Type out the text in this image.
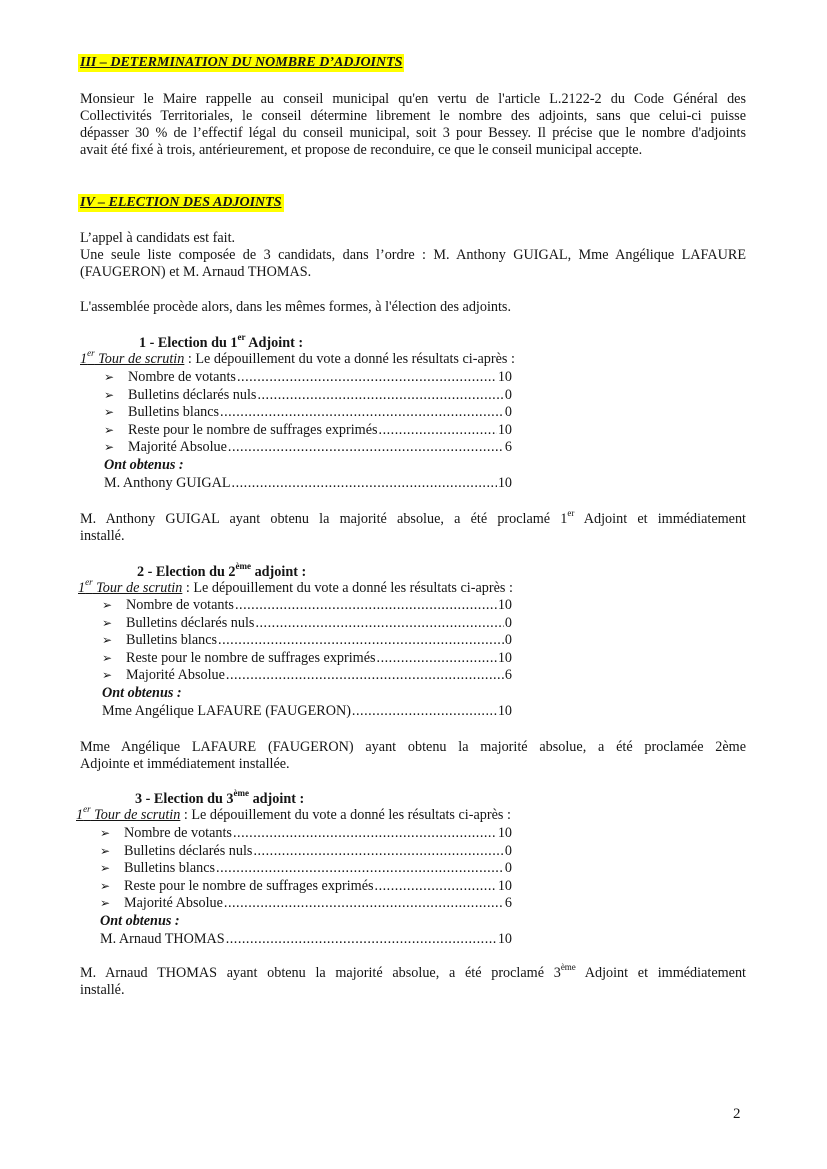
III – DETERMINATION DU NOMBRE D’ADJOINTS
Monsieur le Maire rappelle au conseil municipal qu'en vertu de l'article L.2122-2 du Code Général des
Collectivités Territoriales, le conseil détermine librement le nombre des adjoints, sans que celui-ci puisse
dépasser 30 % de l’effectif légal du conseil municipal, soit 3 pour Bessey. Il précise que le nombre d'adjoints
avait été fixé à trois, antérieurement, et propose de reconduire, ce que le conseil municipal accepte.
IV – ELECTION DES ADJOINTS
L’appel à candidats est fait.
Une seule liste composée de 3 candidats, dans l’ordre : M. Anthony GUIGAL, Mme Angélique LAFAURE
(FAUGERON) et M. Arnaud THOMAS.
L'assemblée procède alors, dans les mêmes formes, à l'élection des adjoints.
1 - Election du 1er Adjoint :
1er Tour de scrutin : Le dépouillement du vote a donné les résultats ci-après :
➢ Nombre de votants .....	10
➢ Bulletins déclarés nuls .....	0
➢ Bulletins blancs .....	0
➢ Reste pour le nombre de suffrages exprimés .....	10
➢ Majorité Absolue .....	6
Ont obtenus :
M. Anthony GUIGAL .....	10
M. Anthony GUIGAL ayant obtenu la majorité absolue, a été proclamé 1er Adjoint et immédiatement
installé.
2 - Election du 2ème adjoint :
1er Tour de scrutin : Le dépouillement du vote a donné les résultats ci-après :
➢ Nombre de votants .....	10
➢ Bulletins déclarés nuls .....	0
➢ Bulletins blancs .....	0
➢ Reste pour le nombre de suffrages exprimés .....	10
➢ Majorité Absolue .....	6
Ont obtenus :
Mme Angélique LAFAURE (FAUGERON) .....	10
Mme Angélique LAFAURE (FAUGERON) ayant obtenu la majorité absolue, a été proclamée 2ème
Adjointe et immédiatement installée.
3 - Election du 3ème adjoint :
1er Tour de scrutin : Le dépouillement du vote a donné les résultats ci-après :
➢ Nombre de votants .....	10
➢ Bulletins déclarés nuls .....	0
➢ Bulletins blancs .....	0
➢ Reste pour le nombre de suffrages exprimés .....	10
➢ Majorité Absolue .....	6
Ont obtenus :
M. Arnaud THOMAS .....	10
M. Arnaud THOMAS ayant obtenu la majorité absolue, a été proclamé 3ème Adjoint et immédiatement
installé.
2
